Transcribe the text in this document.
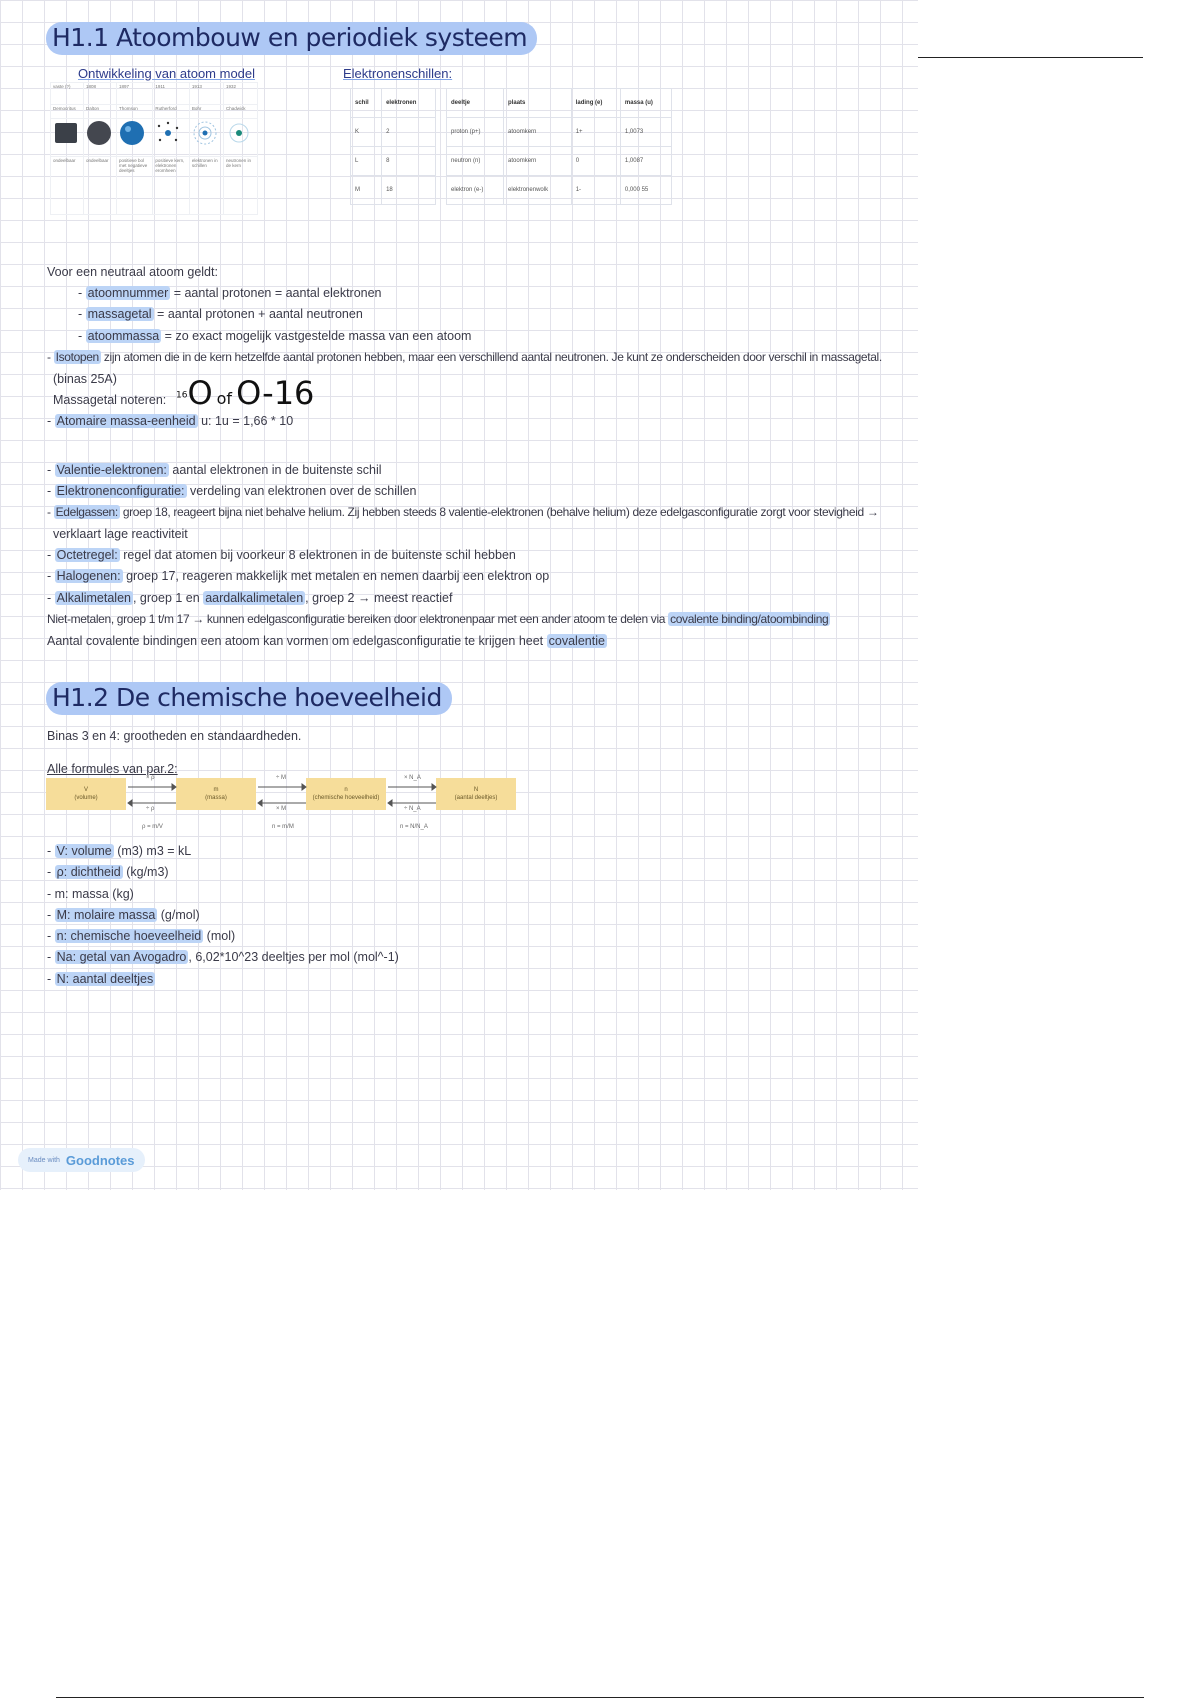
H1.1 Atoombouw en periodiek systeem
Ontwikkeling van atoom model	Elektronenschillen:
vaste (?)	1808	1897	1911	1913	1932
Democritus	Dalton	Thomson	Rutherford	Bohr	Chadwick

ondeelbaar	ondeelbaar	positieve bol met negatieve deeltjes	positieve kern, elektronen eromheen	elektronen in schillen	neutronen in de kern
schil	elektronen
K	2
L	8
M	18
deeltje	plaats	lading (e)	massa (u)
proton (p+)	atoomkern	1+	1,0073
neutron (n)	atoomkern	0	1,0087
elektron (e-)	elektronenwolk	1-	0,000 55
Voor een neutraal atoom geldt:
- atoomnummer = aantal protonen = aantal elektronen
- massagetal = aantal protonen + aantal neutronen
- atoommassa = zo exact mogelijk vastgestelde massa van een atoom
- Isotopen zijn atomen die in de kern hetzelfde aantal protonen hebben, maar een verschillend aantal neutronen. Je kunt ze onderscheiden door verschil in massagetal.
(binas 25A)
Massagetal noteren: $^{16}$O of O-16
- Atomaire massa-eenheid u: 1u = 1,66 * 10
- Valentie-elektronen: aantal elektronen in de buitenste schil
- Elektronenconfiguratie: verdeling van elektronen over de schillen
- Edelgassen: groep 18, reageert bijna niet behalve helium. Zij hebben steeds 8 valentie-elektronen (behalve helium) deze edelgasconfiguratie zorgt voor stevigheid →
verklaart lage reactiviteit
- Octetregel: regel dat atomen bij voorkeur 8 elektronen in de buitenste schil hebben
- Halogenen: groep 17, reageren makkelijk met metalen en nemen daarbij een elektron op
- Alkalimetalen , groep 1 en aardalkalimetalen , groep 2 → meest reactief
Niet-metalen, groep 1 t/m 17 → kunnen edelgasconfiguratie bereiken door elektronenpaar met een ander atoom te delen via covalente binding/atoombinding
Aantal covalente bindingen een atoom kan vormen om edelgasconfiguratie te krijgen heet covalentie
H1.2 De chemische hoeveelheid
Binas 3 en 4: grootheden en standaardheden.
Alle formules van par.2:
V
(volume)
m
(massa)
n
(chemische hoeveelheid)
N
(aantal deeltjes)
× ρ	÷ M	× N_A
÷ ρ	× M	÷ N_A
ρ = m/V	n = m/M	n = N/N_A
- V: volume (m3) m3 = kL
- ρ: dichtheid (kg/m3)
- m: massa (kg)
- M: molaire massa (g/mol)
- n: chemische hoeveelheid (mol)
- Na: getal van Avogadro , 6,02*10^23 deeltjes per mol (mol^-1)
- N: aantal deeltjes
Made with Goodnotes
